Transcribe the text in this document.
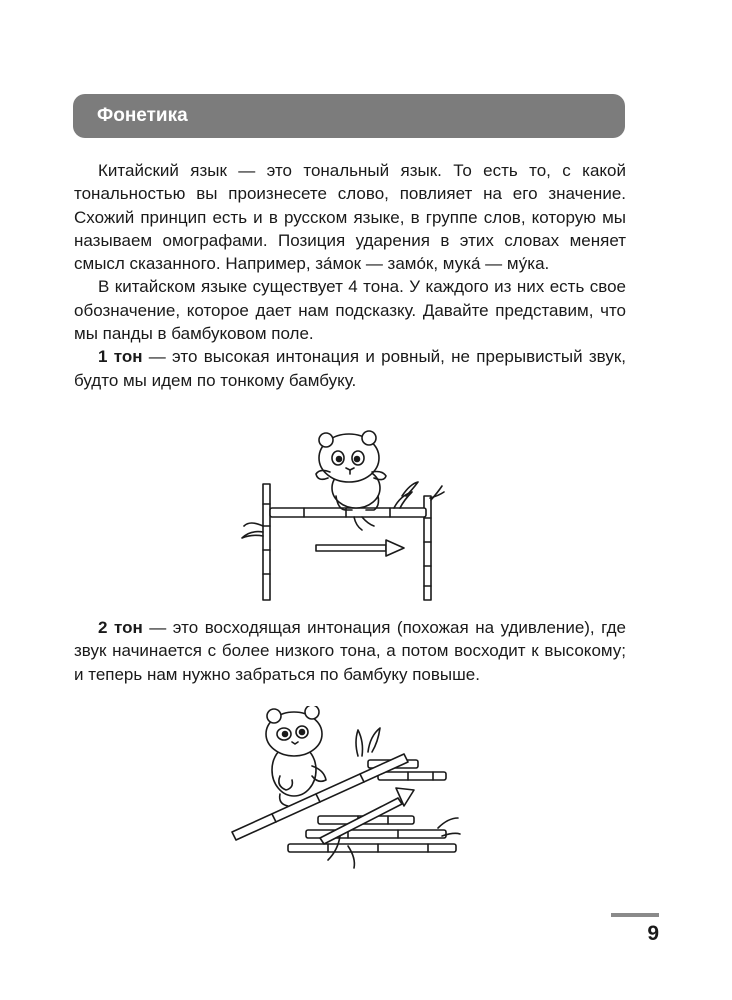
Фонетика

Китайский язык — это тональный язык. То есть то, с какой тональностью вы произнесете слово, повлияет на его значение. Схожий принцип есть и в русском языке, в группе слов, которую мы называем омографами. Позиция ударения в этих словах меняет смысл сказанного. Например, за́мок — замо́к, мука́ — му́ка.

В китайском языке существует 4 тона. У каждого из них есть свое обозначение, которое дает нам подсказку. Давайте представим, что мы панды в бамбуковом поле.

1 тон — это высокая интонация и ровный, не прерывистый звук, будто мы идем по тонкому бамбуку.

2 тон — это восходящая интонация (похожая на удивление), где звук начинается с более низкого тона, а потом восходит к высокому; и теперь нам нужно забраться по бамбуку повыше.

9
